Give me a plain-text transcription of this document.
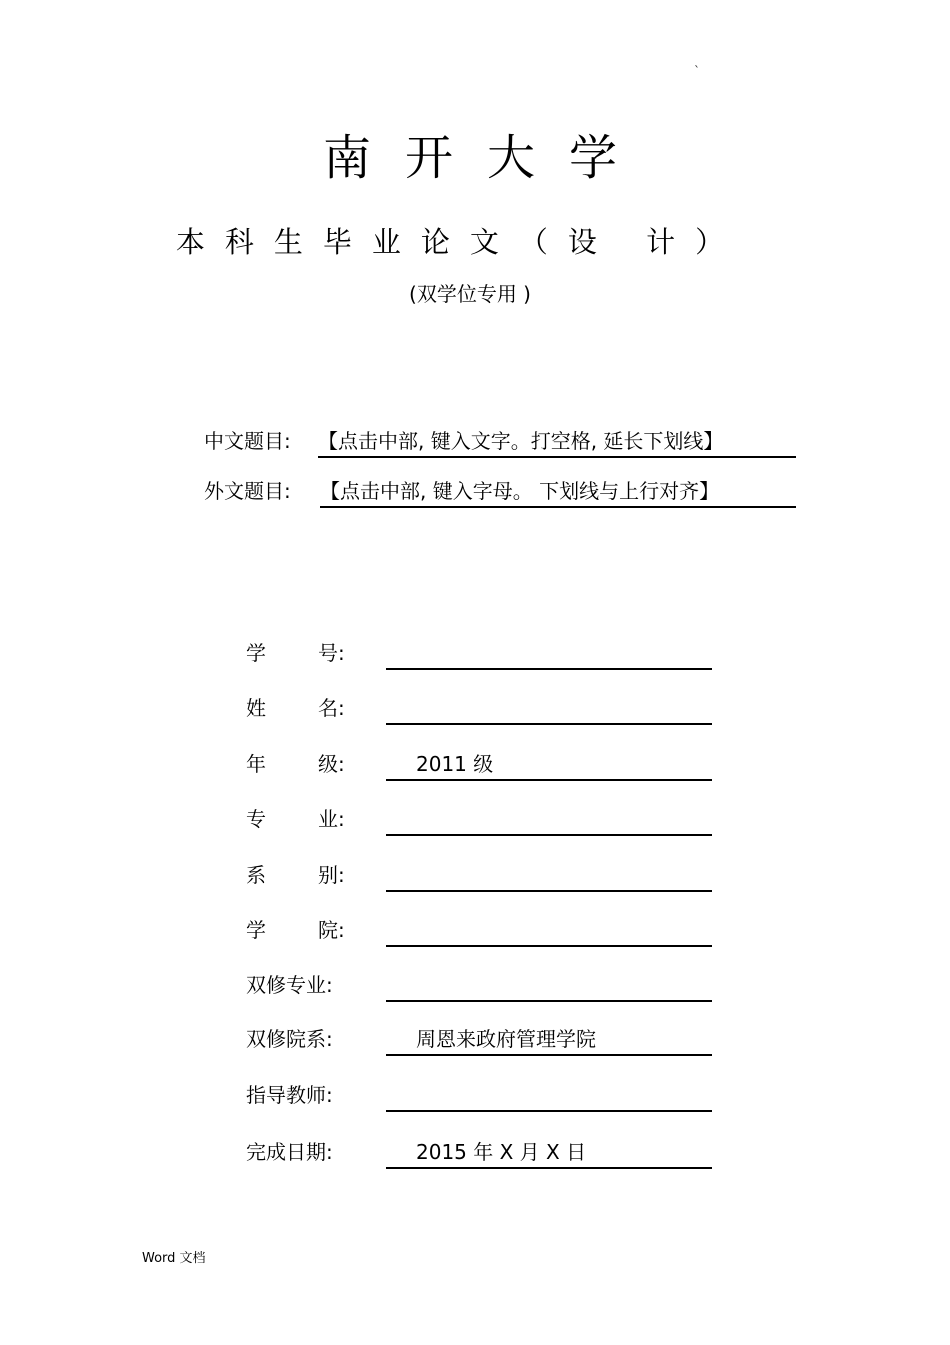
`
南开大学
本科生毕业论文（设 计）
(双学位专用 )
中文题目: 【点击中部, 键入文字。打空格, 延长下划线】
外文题目: 【点击中部, 键入字母。 下划线与上行对齐】
学	号:
姓	名:
年	级:	2011 级
专	业:
系	别:
学	院:
双修专业:
双修院系:	周恩来政府管理学院
指导教师:
完成日期:	2015 年 X 月 X 日
Word 文档
